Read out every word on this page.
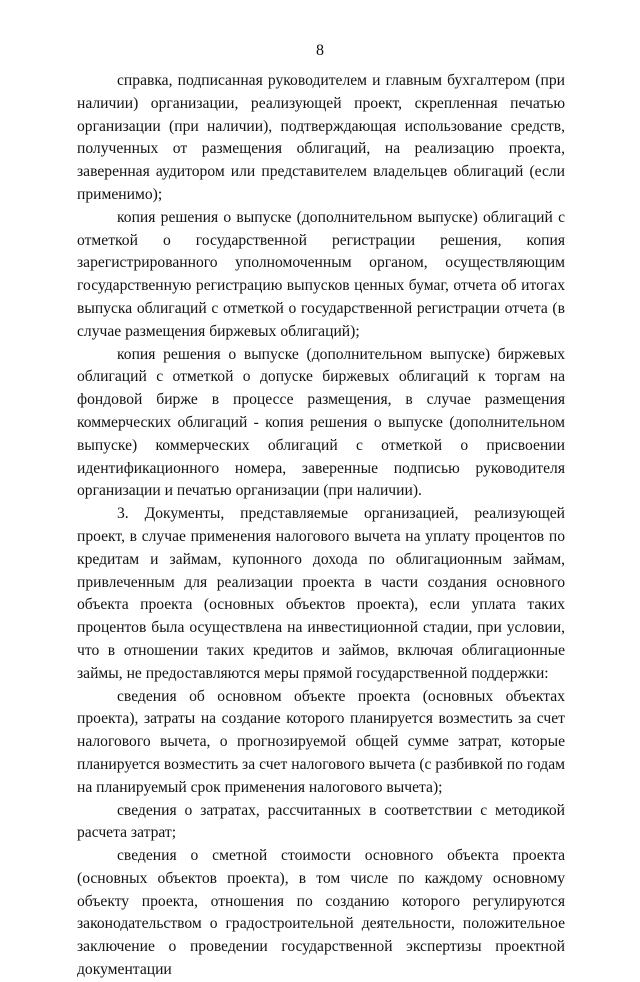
8

справка, подписанная руководителем и главным бухгалтером (при наличии) организации, реализующей проект, скрепленная печатью организации (при наличии), подтверждающая использование средств, полученных от размещения облигаций, на реализацию проекта, заверенная аудитором или представителем владельцев облигаций (если применимо);

копия решения о выпуске (дополнительном выпуске) облигаций с отметкой о государственной регистрации решения, копия зарегистрированного уполномоченным органом, осуществляющим государственную регистрацию выпусков ценных бумаг, отчета об итогах выпуска облигаций с отметкой о государственной регистрации отчета (в случае размещения биржевых облигаций);

копия решения о выпуске (дополнительном выпуске) биржевых облигаций с отметкой о допуске биржевых облигаций к торгам на фондовой бирже в процессе размещения, в случае размещения коммерческих облигаций - копия решения о выпуске (дополнительном выпуске) коммерческих облигаций с отметкой о присвоении идентификационного номера, заверенные подписью руководителя организации и печатью организации (при наличии).

3. Документы, представляемые организацией, реализующей проект, в случае применения налогового вычета на уплату процентов по кредитам и займам, купонного дохода по облигационным займам, привлеченным для реализации проекта в части создания основного объекта проекта (основных объектов проекта), если уплата таких процентов была осуществлена на инвестиционной стадии, при условии, что в отношении таких кредитов и займов, включая облигационные займы, не предоставляются меры прямой государственной поддержки:

сведения об основном объекте проекта (основных объектах проекта), затраты на создание которого планируется возместить за счет налогового вычета, о прогнозируемой общей сумме затрат, которые планируется возместить за счет налогового вычета (с разбивкой по годам на планируемый срок применения налогового вычета);

сведения о затратах, рассчитанных в соответствии с методикой расчета затрат;

сведения о сметной стоимости основного объекта проекта (основных объектов проекта), в том числе по каждому основному объекту проекта, отношения по созданию которого регулируются законодательством о градостроительной деятельности, положительное заключение о проведении государственной экспертизы проектной документации
